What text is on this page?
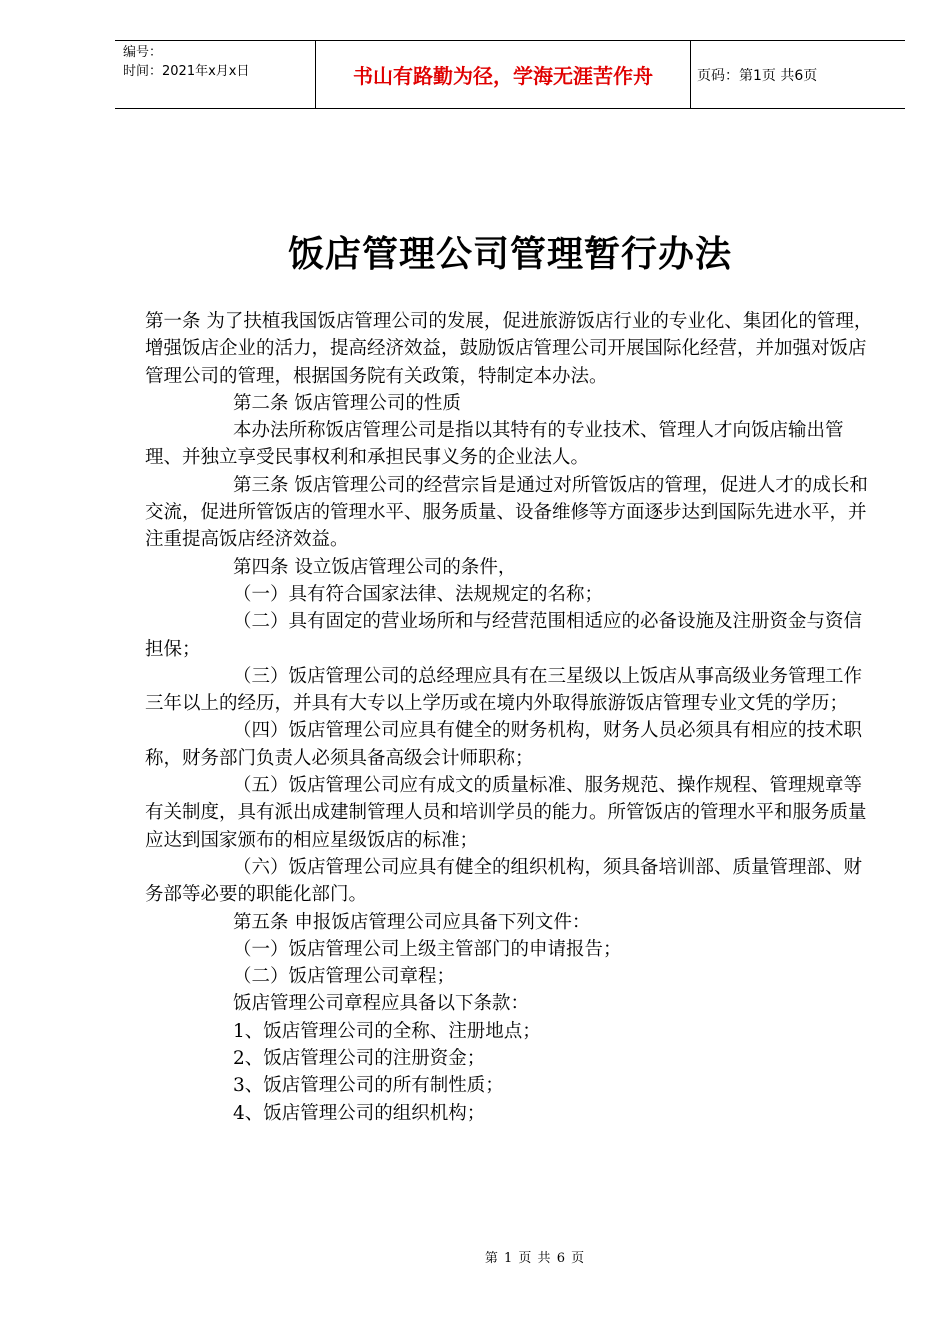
编号：
时间：2021年x月x日	书山有路勤为径，学海无涯苦作舟	页码：第1页 共6页
饭店管理公司管理暂行办法

第一条 为了扶植我国饭店管理公司的发展，促进旅游饭店行业的专业化、集团化的管理，增强饭店企业的活力，提高经济效益，鼓励饭店管理公司开展国际化经营，并加强对饭店管理公司的管理，根据国务院有关政策，特制定本办法。

第二条 饭店管理公司的性质

本办法所称饭店管理公司是指以其特有的专业技术、管理人才向饭店输出管理、并独立享受民事权利和承担民事义务的企业法人。

第三条 饭店管理公司的经营宗旨是通过对所管饭店的管理，促进人才的成长和交流，促进所管饭店的管理水平、服务质量、设备维修等方面逐步达到国际先进水平，并注重提高饭店经济效益。

第四条 设立饭店管理公司的条件，

（一）具有符合国家法律、法规规定的名称；

（二）具有固定的营业场所和与经营范围相适应的必备设施及注册资金与资信担保；

（三）饭店管理公司的总经理应具有在三星级以上饭店从事高级业务管理工作三年以上的经历，并具有大专以上学历或在境内外取得旅游饭店管理专业文凭的学历；

（四）饭店管理公司应具有健全的财务机构，财务人员必须具有相应的技术职称，财务部门负责人必须具备高级会计师职称；

（五）饭店管理公司应有成文的质量标准、服务规范、操作规程、管理规章等有关制度，具有派出成建制管理人员和培训学员的能力。所管饭店的管理水平和服务质量应达到国家颁布的相应星级饭店的标准；

（六）饭店管理公司应具有健全的组织机构，须具备培训部、质量管理部、财务部等必要的职能化部门。

第五条 申报饭店管理公司应具备下列文件：

（一）饭店管理公司上级主管部门的申请报告；

（二）饭店管理公司章程；

饭店管理公司章程应具备以下条款：

1、饭店管理公司的全称、注册地点；

2、饭店管理公司的注册资金；

3、饭店管理公司的所有制性质；

4、饭店管理公司的组织机构；

第 1 页 共 6 页
